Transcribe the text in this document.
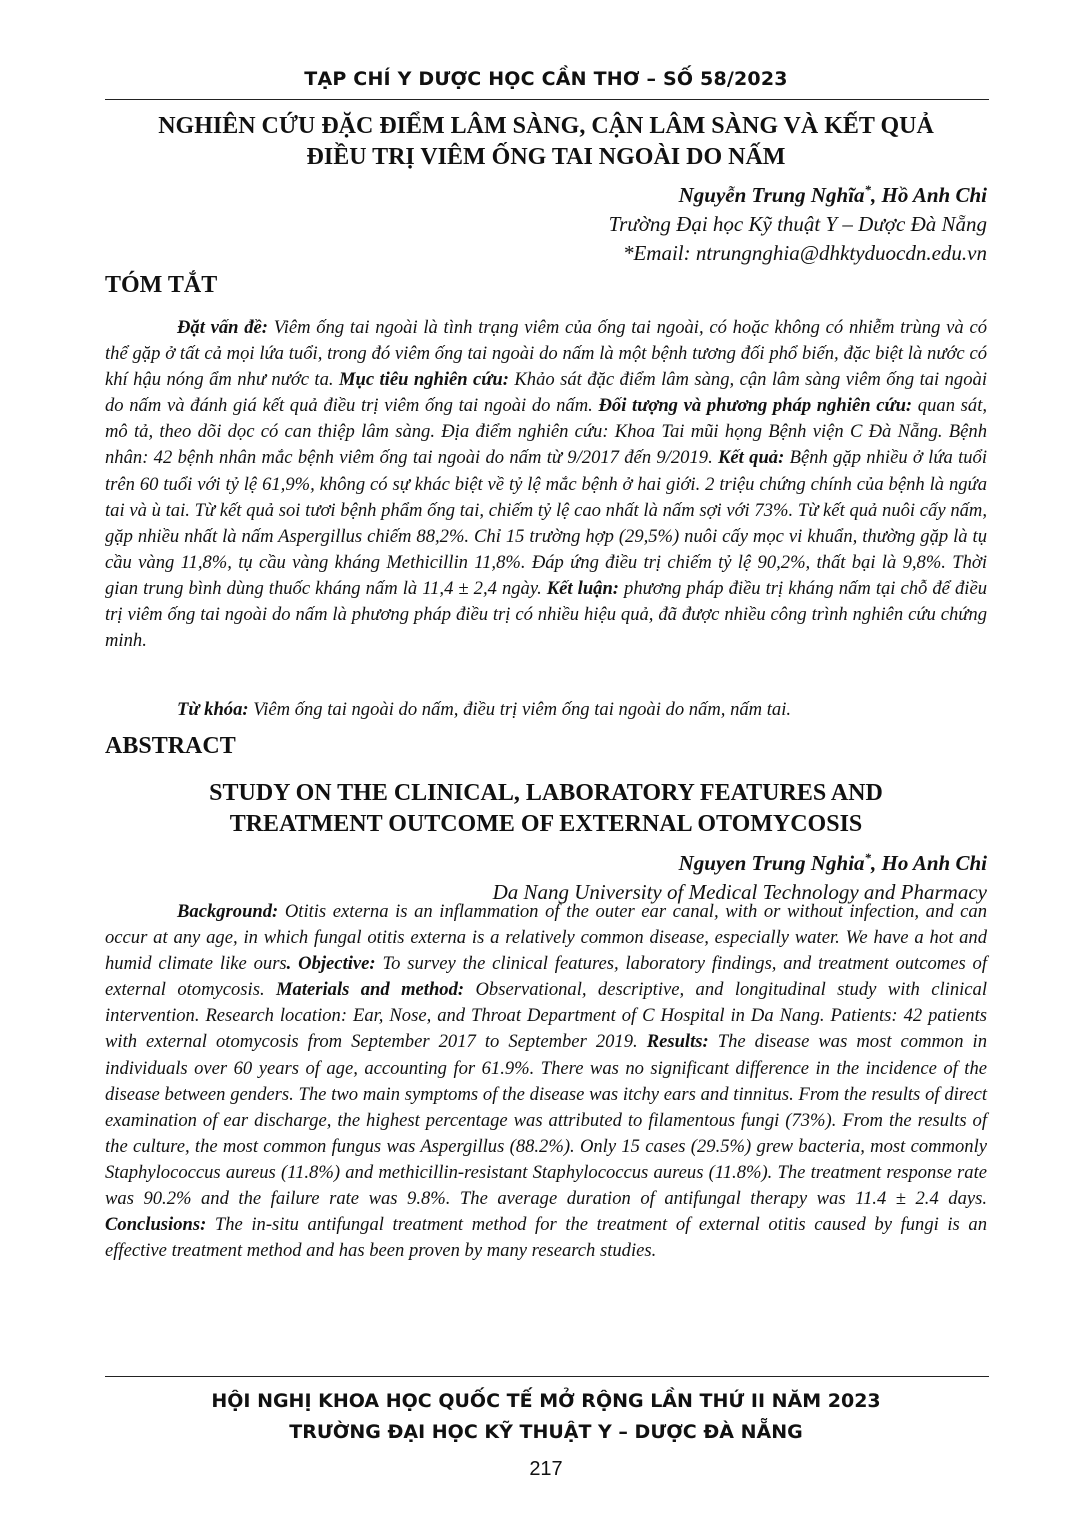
TẠP CHÍ Y DƯỢC HỌC CẦN THƠ – SỐ 58/2023
NGHIÊN CỨU ĐẶC ĐIỂM LÂM SÀNG, CẬN LÂM SÀNG VÀ KẾT QUẢ
ĐIỀU TRỊ VIÊM ỐNG TAI NGOÀI DO NẤM
Nguyễn Trung Nghĩa*, Hồ Anh Chi
Trường Đại học Kỹ thuật Y – Dược Đà Nẵng
*Email: ntrungnghia@dhktyduocdn.edu.vn
TÓM TẮT
Đặt vấn đề: Viêm ống tai ngoài là tình trạng viêm của ống tai ngoài, có hoặc không có nhiễm trùng và có thể gặp ở tất cả mọi lứa tuổi, trong đó viêm ống tai ngoài do nấm là một bệnh tương đối phổ biến, đặc biệt là nước có khí hậu nóng ẩm như nước ta. Mục tiêu nghiên cứu: Khảo sát đặc điểm lâm sàng, cận lâm sàng viêm ống tai ngoài do nấm và đánh giá kết quả điều trị viêm ống tai ngoài do nấm. Đối tượng và phương pháp nghiên cứu: quan sát, mô tả, theo dõi dọc có can thiệp lâm sàng. Địa điểm nghiên cứu: Khoa Tai mũi họng Bệnh viện C Đà Nẵng. Bệnh nhân: 42 bệnh nhân mắc bệnh viêm ống tai ngoài do nấm từ 9/2017 đến 9/2019. Kết quả: Bệnh gặp nhiều ở lứa tuổi trên 60 tuổi với tỷ lệ 61,9%, không có sự khác biệt về tỷ lệ mắc bệnh ở hai giới. 2 triệu chứng chính của bệnh là ngứa tai và ù tai. Từ kết quả soi tươi bệnh phẩm ống tai, chiếm tỷ lệ cao nhất là nấm sợi với 73%. Từ kết quả nuôi cấy nấm, gặp nhiều nhất là nấm Aspergillus chiếm 88,2%. Chỉ 15 trường hợp (29,5%) nuôi cấy mọc vi khuẩn, thường gặp là tụ cầu vàng 11,8%, tụ cầu vàng kháng Methicillin 11,8%. Đáp ứng điều trị chiếm tỷ lệ 90,2%, thất bại là 9,8%. Thời gian trung bình dùng thuốc kháng nấm là 11,4 ± 2,4 ngày. Kết luận: phương pháp điều trị kháng nấm tại chỗ để điều trị viêm ống tai ngoài do nấm là phương pháp điều trị có nhiều hiệu quả, đã được nhiều công trình nghiên cứu chứng minh.
Từ khóa: Viêm ống tai ngoài do nấm, điều trị viêm ống tai ngoài do nấm, nấm tai.
ABSTRACT
STUDY ON THE CLINICAL, LABORATORY FEATURES AND
TREATMENT OUTCOME OF EXTERNAL OTOMYCOSIS
Nguyen Trung Nghia*, Ho Anh Chi
Da Nang University of Medical Technology and Pharmacy
Background: Otitis externa is an inflammation of the outer ear canal, with or without infection, and can occur at any age, in which fungal otitis externa is a relatively common disease, especially water. We have a hot and humid climate like ours. Objective: To survey the clinical features, laboratory findings, and treatment outcomes of external otomycosis. Materials and method: Observational, descriptive, and longitudinal study with clinical intervention. Research location: Ear, Nose, and Throat Department of C Hospital in Da Nang. Patients: 42 patients with external otomycosis from September 2017 to September 2019. Results: The disease was most common in individuals over 60 years of age, accounting for 61.9%. There was no significant difference in the incidence of the disease between genders. The two main symptoms of the disease was itchy ears and tinnitus. From the results of direct examination of ear discharge, the highest percentage was attributed to filamentous fungi (73%). From the results of the culture, the most common fungus was Aspergillus (88.2%). Only 15 cases (29.5%) grew bacteria, most commonly Staphylococcus aureus (11.8%) and methicillin-resistant Staphylococcus aureus (11.8%). The treatment response rate was 90.2% and the failure rate was 9.8%. The average duration of antifungal therapy was 11.4 ± 2.4 days. Conclusions: The in-situ antifungal treatment method for the treatment of external otitis caused by fungi is an effective treatment method and has been proven by many research studies.
HỘI NGHỊ KHOA HỌC QUỐC TẾ MỞ RỘNG LẦN THỨ II NĂM 2023
TRƯỜNG ĐẠI HỌC KỸ THUẬT Y – DƯỢC ĐÀ NẴNG
217
